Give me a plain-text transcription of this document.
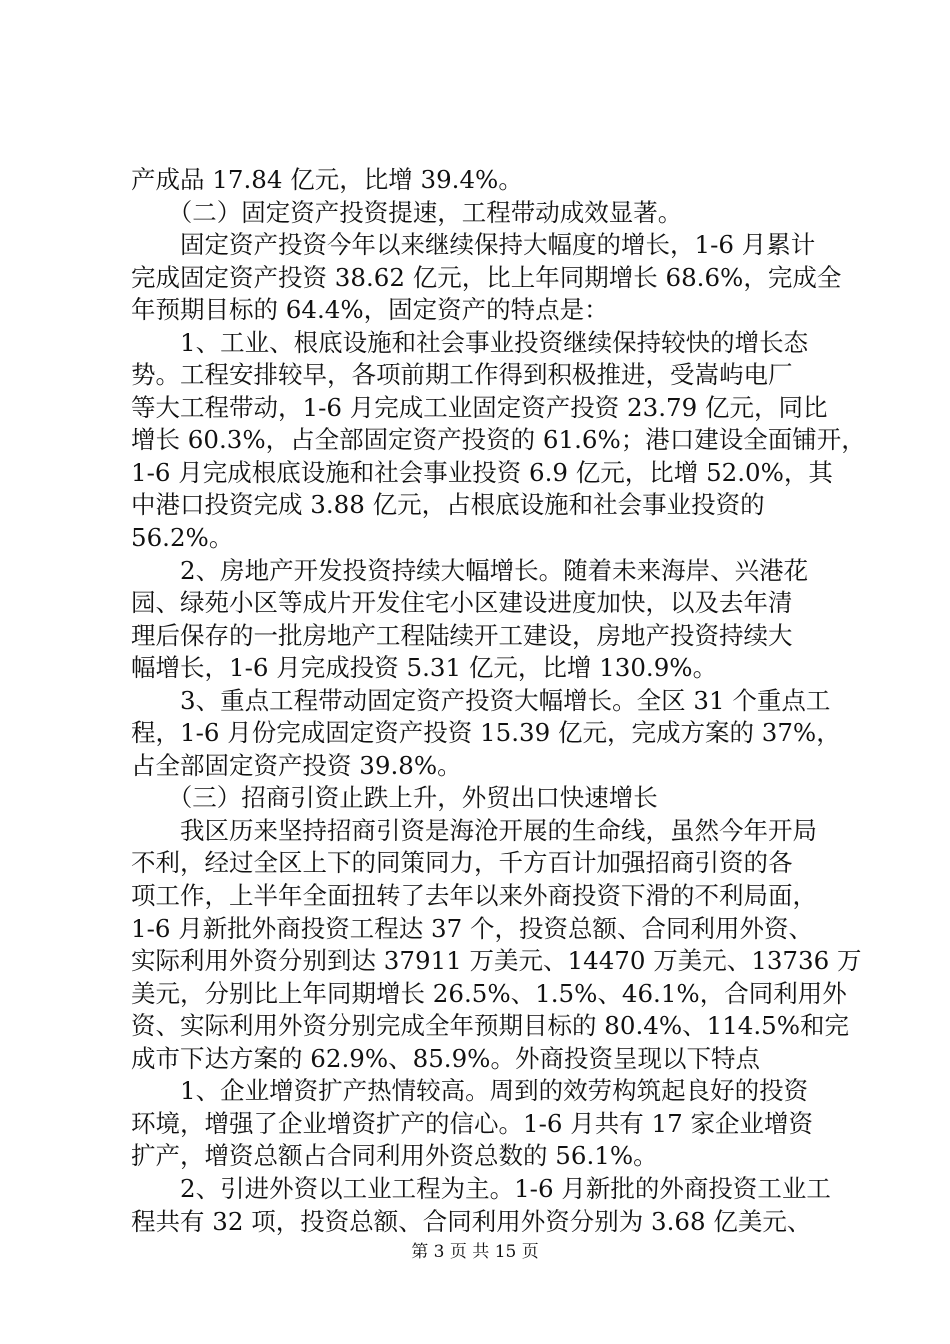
产成品 17.84 亿元，比增 39.4%。
　　（二）固定资产投资提速，工程带动成效显著。
　　固定资产投资今年以来继续保持大幅度的增长，1-6 月累计
完成固定资产投资 38.62 亿元，比上年同期增长 68.6%，完成全
年预期目标的 64.4%，固定资产的特点是：
　　1、工业、根底设施和社会事业投资继续保持较快的增长态
势。工程安排较早，各项前期工作得到积极推进，受嵩屿电厂
等大工程带动，1-6 月完成工业固定资产投资 23.79 亿元，同比
增长 60.3%，占全部固定资产投资的 61.6%；港口建设全面铺开，
1-6 月完成根底设施和社会事业投资 6.9 亿元，比增 52.0%，其
中港口投资完成 3.88 亿元，占根底设施和社会事业投资的
56.2%。
　　2、房地产开发投资持续大幅增长。随着未来海岸、兴港花
园、绿苑小区等成片开发住宅小区建设进度加快，以及去年清
理后保存的一批房地产工程陆续开工建设，房地产投资持续大
幅增长，1-6 月完成投资 5.31 亿元，比增 130.9%。
　　3、重点工程带动固定资产投资大幅增长。全区 31 个重点工
程，1-6 月份完成固定资产投资 15.39 亿元，完成方案的 37%，
占全部固定资产投资 39.8%。
　　（三）招商引资止跌上升，外贸出口快速增长
　　我区历来坚持招商引资是海沧开展的生命线，虽然今年开局
不利，经过全区上下的同策同力，千方百计加强招商引资的各
项工作，上半年全面扭转了去年以来外商投资下滑的不利局面，
1-6 月新批外商投资工程达 37 个，投资总额、合同利用外资、
实际利用外资分别到达 37911 万美元、14470 万美元、13736 万
美元，分别比上年同期增长 26.5%、1.5%、46.1%，合同利用外
资、实际利用外资分别完成全年预期目标的 80.4%、114.5%和完
成市下达方案的 62.9%、85.9%。外商投资呈现以下特点
　　1、企业增资扩产热情较高。周到的效劳构筑起良好的投资
环境，增强了企业增资扩产的信心。1-6 月共有 17 家企业增资
扩产，增资总额占合同利用外资总数的 56.1%。
　　2、引进外资以工业工程为主。1-6 月新批的外商投资工业工
程共有 32 项，投资总额、合同利用外资分别为 3.68 亿美元、
第 3 页 共 15 页
